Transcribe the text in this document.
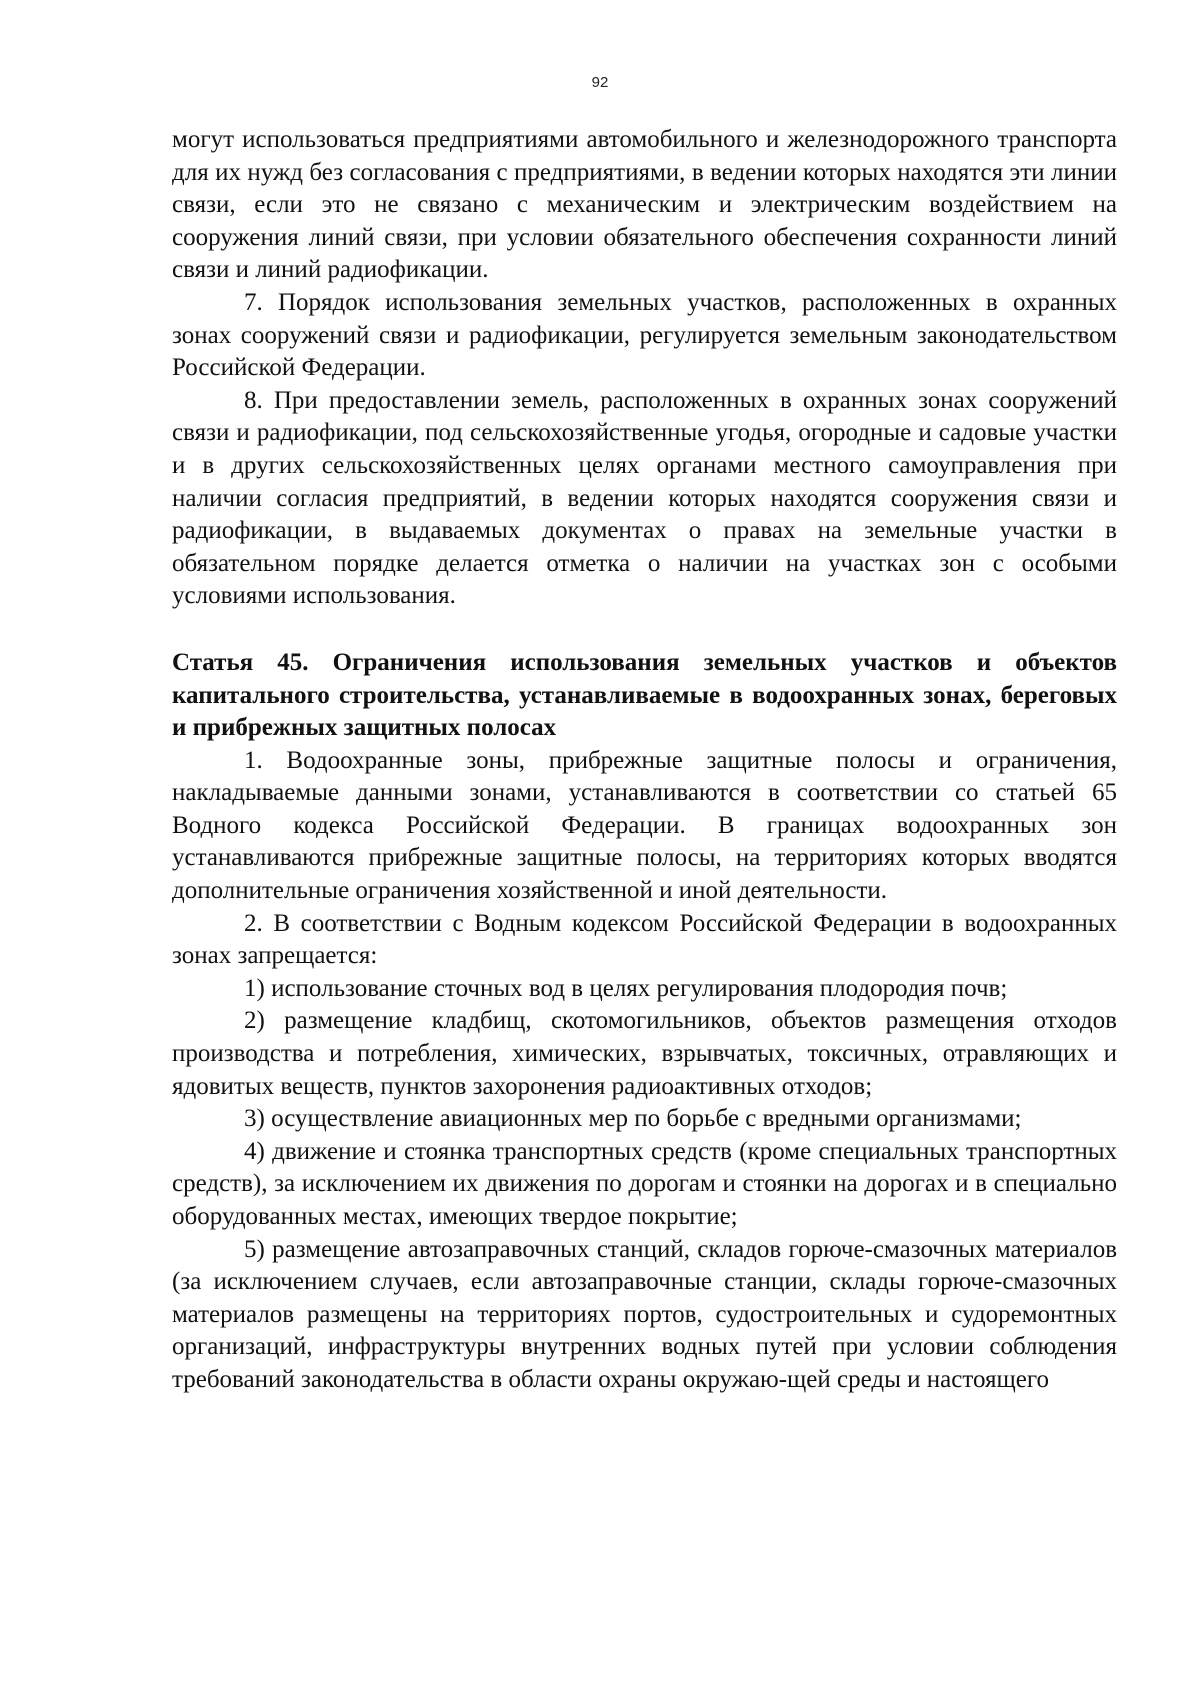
92

могут использоваться предприятиями автомобильного и железнодорожного транспорта для их нужд без согласования с предприятиями, в ведении которых находятся эти линии связи, если это не связано с механическим и электрическим воздействием на сооружения линий связи, при условии обязательного обеспечения сохранности линий связи и линий радиофикации.

7. Порядок использования земельных участков, расположенных в охранных зонах сооружений связи и радиофикации, регулируется земельным законодательством Российской Федерации.

8. При предоставлении земель, расположенных в охранных зонах сооружений связи и радиофикации, под сельскохозяйственные угодья, огородные и садовые участки и в других сельскохозяйственных целях органами местного самоуправления при наличии согласия предприятий, в ведении которых находятся сооружения связи и радиофикации, в выдаваемых документах о правах на земельные участки в обязательном порядке делается отметка о наличии на участках зон с особыми условиями использования.

Статья 45. Ограничения использования земельных участков и объектов капитального строительства, устанавливаемые в водоохранных зонах, береговых и прибрежных защитных полосах

1. Водоохранные зоны, прибрежные защитные полосы и ограничения, накладываемые данными зонами, устанавливаются в соответствии со статьей 65 Водного кодекса Российской Федерации. В границах водоохранных зон устанавливаются прибрежные защитные полосы, на территориях которых вводятся дополнительные ограничения хозяйственной и иной деятельности.

2. В соответствии с Водным кодексом Российской Федерации в водоохранных зонах запрещается:

1) использование сточных вод в целях регулирования плодородия почв;

2) размещение кладбищ, скотомогильников, объектов размещения отходов производства и потребления, химических, взрывчатых, токсичных, отравляющих и ядовитых веществ, пунктов захоронения радиоактивных отходов;

3) осуществление авиационных мер по борьбе с вредными организмами;

4) движение и стоянка транспортных средств (кроме специальных транспортных средств), за исключением их движения по дорогам и стоянки на дорогах и в специально оборудованных местах, имеющих твердое покрытие;

5) размещение автозаправочных станций, складов горюче-смазочных материалов (за исключением случаев, если автозаправочные станции, склады горюче-смазочных материалов размещены на территориях портов, судостроительных и судоремонтных организаций, инфраструктуры внутренних водных путей при условии соблюдения требований законодательства в области охраны окружаю-щей среды и настоящего
